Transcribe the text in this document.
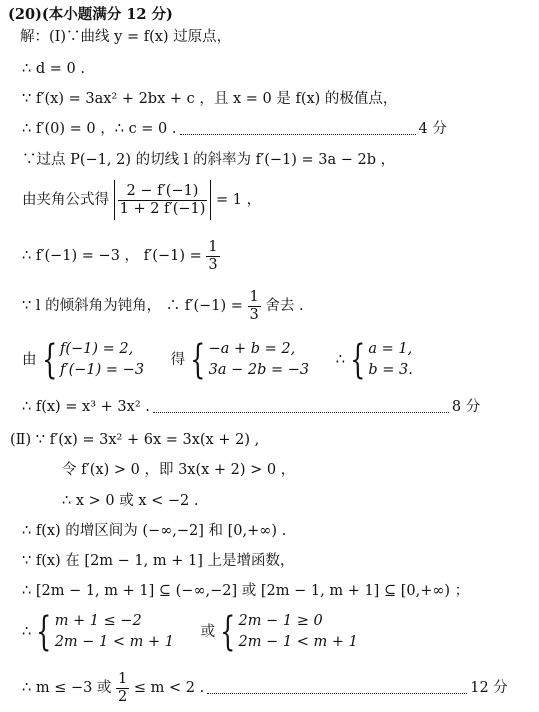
(20)(本小题满分 12 分)
解：(Ⅰ)∵曲线 y = f(x) 过原点，
∴ d = 0 .
∵ f′(x) = 3ax² + 2bx + c ，且 x = 0 是 f(x) 的极值点，
∴ f′(0) = 0 ，∴ c = 0 .	4 分
∵过点 P(−1, 2) 的切线 l 的斜率为 f′(−1) = 3a − 2b ，
由夹角公式得 $\frac{2 - f'(-1)}{1 + 2 f'(-1)} = 1$ ，
∴ f′(−1) = −3 ， $f'(-1) = \frac{1}{3}$
∵ l 的倾斜角为钝角， ∴ $f'(-1) = \frac{1}{3}$ 舍去 .
由 { f(−1) = 2,
f′(−1) = −3
得 { −a + b = 2,
3a − 2b = −3
∴ { a = 1,
b = 3.
∴ f(x) = x³ + 3x² .	8 分
(Ⅱ) ∵ f′(x) = 3x² + 6x = 3x(x + 2) ,
令 f′(x) > 0 ，即 3x(x + 2) > 0 ，
∴ x > 0 或 x < −2 .
∴ f(x) 的增区间为 (−∞,−2] 和 [0,+∞) .
∵ f(x) 在 [2m − 1, m + 1] 上是增函数，
∴ [2m − 1, m + 1] ⊆ (−∞,−2] 或 [2m − 1, m + 1] ⊆ [0,+∞) ；
∴ { m + 1 ≤ −2
2m − 1 < m + 1
或 { 2m − 1 ≥ 0
2m − 1 < m + 1
∴ m ≤ −3 或 $\frac{1}{2} \le m < 2$ .	12 分
